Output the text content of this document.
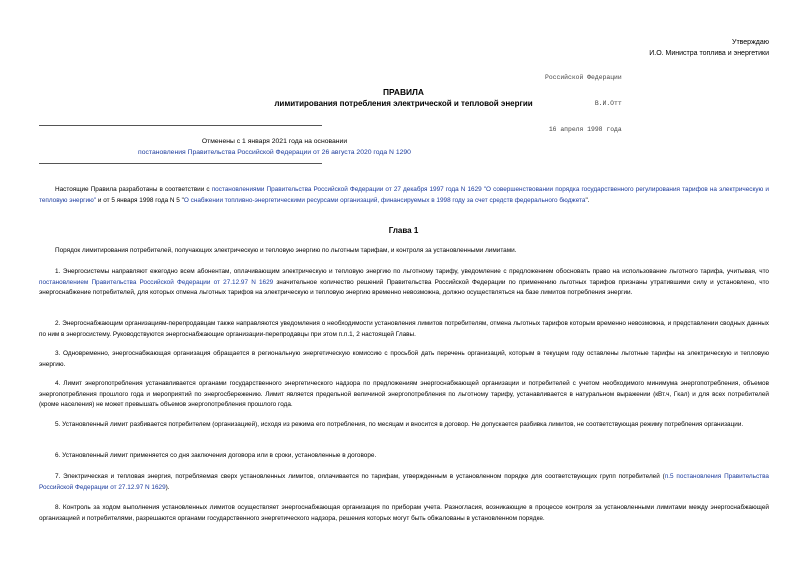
Утверждаю
И.О. Министра топлива и энергетики

Российской Федерации

В.И.Отт

16 апреля 1998 года

ПРАВИЛА
лимитирования потребления электрической и тепловой энергии
Отменены с 1 января 2021 года на основании
постановления Правительства Российской Федерации от 26 августа 2020 года N 1290
Настоящие Правила разработаны в соответствии с постановлениями Правительства Российской Федерации от 27 декабря 1997 года N 1629 "О совершенствовании порядка государственного регулирования тарифов на электрическую и тепловую энергию" и от 5 января 1998 года N 5 "О снабжении топливно-энергетическими ресурсами организаций, финансируемых в 1998 году за счет средств федерального бюджета".
Глава 1
Порядок лимитирования потребителей, получающих электрическую и тепловую энергию по льготным тарифам, и контроля за установленными лимитами.
1. Энергосистемы направляют ежегодно всем абонентам, оплачивающим электрическую и тепловую энергию по льготному тарифу, уведомление с предложением обосновать право на использование льготного тарифа, учитывая, что постановлением Правительства Российской Федерации от 27.12.97 N 1629 значительное количество решений Правительства Российской Федерации по применению льготных тарифов признаны утратившими силу и установлено, что энергоснабжение потребителей, для которых отмена льготных тарифов на электрическую и тепловую энергию временно невозможна, должно осуществляться на базе лимитов потребления энергии.
2. Энергоснабжающим организациям-перепродавцам также направляются уведомления о необходимости установления лимитов потребителям, отмена льготных тарифов которым временно невозможна, и представлении сводных данных по ним в энергосистему. Руководствуются энергоснабжающие организации-перепродавцы при этом п.п.1, 2 настоящей Главы.
3. Одновременно, энергоснабжающая организация обращается в региональную энергетическую комиссию с просьбой дать перечень организаций, которым в текущем году оставлены льготные тарифы на электрическую и тепловую энергию.
4. Лимит энергопотребления устанавливается органами государственного энергетического надзора по предложениям энергоснабжающей организации и потребителей с учетом необходимого минимума энергопотребления, объемов энергопотребления прошлого года и мероприятий по энергосбережению. Лимит является предельной величиной энергопотребления по льготному тарифу, устанавливается в натуральном выражении (кВт.ч, Гкал) и для всех потребителей (кроме населения) не может превышать объемов энергопотребления прошлого года.
5. Установленный лимит разбивается потребителем (организацией), исходя из режима его потребления, по месяцам и вносится в договор. Не допускается разбивка лимитов, не соответствующая режиму потребления организации.
6. Установленный лимит применяется со дня заключения договора или в сроки, установленные в договоре.
7. Электрическая и тепловая энергия, потребляемая сверх установленных лимитов, оплачивается по тарифам, утвержденным в установленном порядке для соответствующих групп потребителей (п.5 постановления Правительства Российской Федерации от 27.12.97 N 1629).
8. Контроль за ходом выполнения установленных лимитов осуществляет энергоснабжающая организация по приборам учета. Разногласия, возникающие в процессе контроля за установленными лимитами между энергоснабжающей организацией и потребителями, разрешаются органами государственного энергетического надзора, решения которых могут быть обжалованы в установленном порядке.
